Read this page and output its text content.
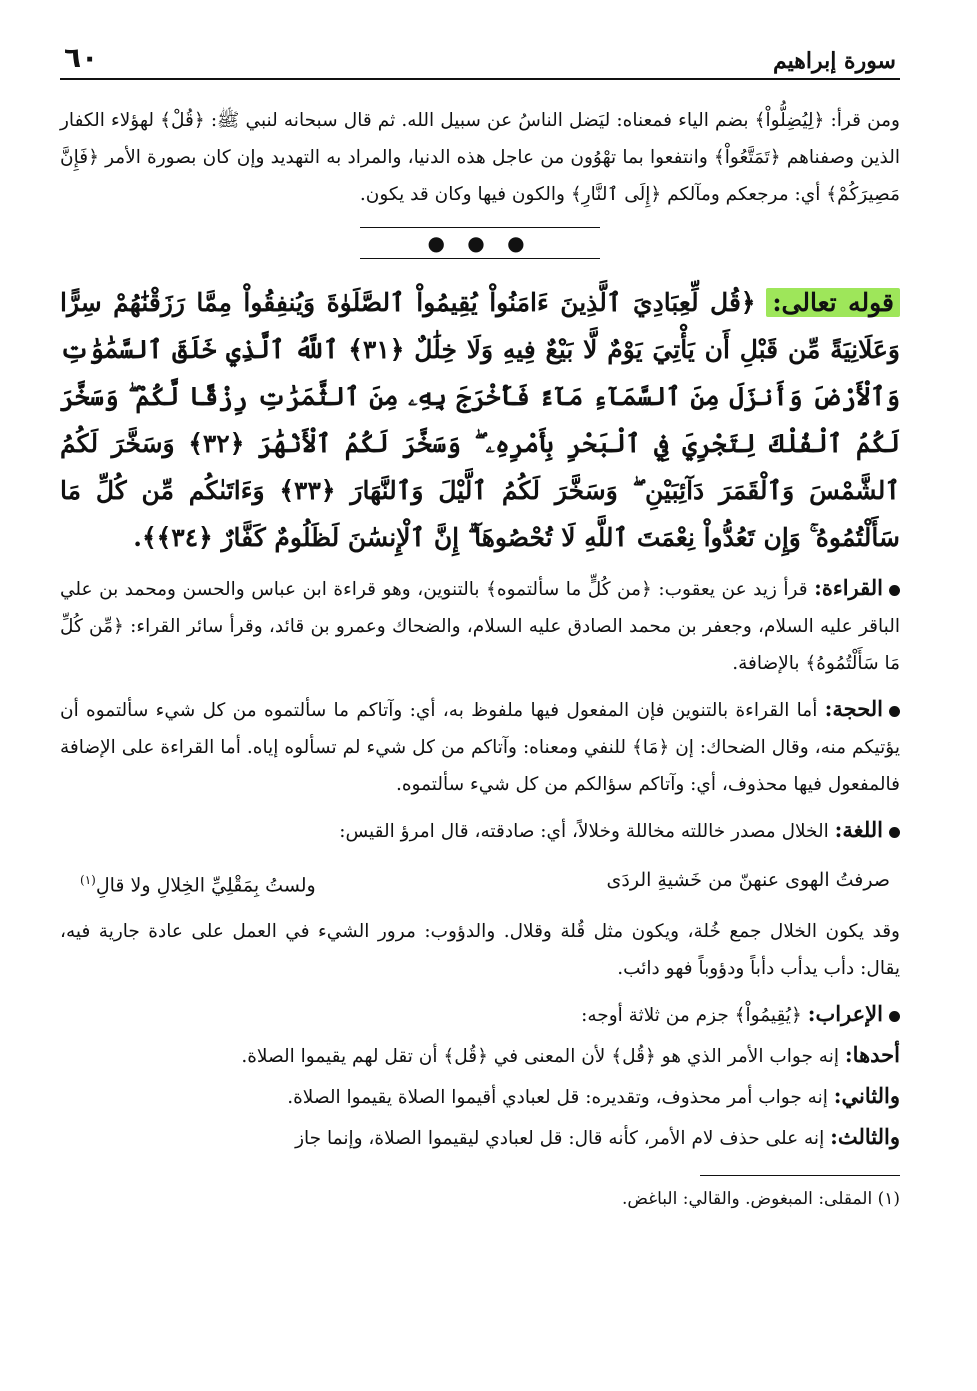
سورة إبراهيم
٦٠

ومن قرأ: ﴿لِيُضِلُّواْ﴾ بضم الياء فمعناه: ليَضل الناسُ عن سبيل الله. ثم قال سبحانه لنبي ﷺ: ﴿قُلْ﴾ لهؤلاء الكفار الذين وصفناهم ﴿تَمَتَّعُواْ﴾ وانتفعوا بما تهْوُون من عاجل هذه الدنيا، والمراد به التهديد وإن كان بصورة الأمر ﴿فَإِنَّ مَصِيرَكُمْ﴾ أي: مرجعكم ومآلكم ﴿إِلَى ٱلنَّارِ﴾ والكون فيها وكان قد يكون.

● ● ●

قوله تعالى: ﴿قُل لِّعِبَادِيَ ٱلَّذِينَ ءَامَنُواْ يُقِيمُواْ ٱلصَّلَوٰةَ وَيُنفِقُواْ مِمَّا رَزَقْنَٰهُمْ سِرًّا وَعَلَانِيَةً مِّن قَبْلِ أَن يَأْتِيَ يَوْمٌ لَّا بَيْعٌ فِيهِ وَلَا خِلَٰلٌ ﴿٣١﴾ ٱللَّهُ ٱلَّذِي خَلَقَ ٱلسَّمَٰوَٰتِ وَٱلْأَرْضَ وَأَنزَلَ مِنَ ٱلسَّمَآءِ مَآءً فَأَخْرَجَ بِهِۦ مِنَ ٱلثَّمَرَٰتِ رِزْقًا لَّكُمْ ۖ وَسَخَّرَ لَكُمُ ٱلْفُلْكَ لِتَجْرِيَ فِي ٱلْبَحْرِ بِأَمْرِهِۦ ۖ وَسَخَّرَ لَكُمُ ٱلْأَنْهَٰرَ ﴿٣٢﴾ وَسَخَّرَ لَكُمُ ٱلشَّمْسَ وَٱلْقَمَرَ دَآئِبَيْنِ ۖ وَسَخَّرَ لَكُمُ ٱلَّيْلَ وَٱلنَّهَارَ ﴿٣٣﴾ وَءَاتَىٰكُم مِّن كُلِّ مَا سَأَلْتُمُوهُ ۚ وَإِن تَعُدُّواْ نِعْمَتَ ٱللَّهِ لَا تُحْصُوهَآ ۗ إِنَّ ٱلْإِنسَٰنَ لَظَلُومٌ كَفَّارٌ ﴿٣٤﴾﴾.

القراءة: قرأ زيد عن يعقوب: ﴿من كُلٍّ ما سألتموه﴾ بالتنوين، وهو قراءة ابن عباس والحسن ومحمد بن علي الباقر عليه السلام، وجعفر بن محمد الصادق عليه السلام، والضحاك وعمرو بن قائد، وقرأ سائر القراء: ﴿مِّن كُلِّ مَا سَأَلْتُمُوهُ﴾ بالإضافة.

الحجة: أما القراءة بالتنوين فإن المفعول فيها ملفوظ به، أي: وآتاكم ما سألتموه من كل شيء سألتموه أن يؤتيكم منه، وقال الضحاك: إن ﴿مَا﴾ للنفي ومعناه: وآتاكم من كل شيء لم تسألوه إياه. أما القراءة على الإضافة فالمفعول فيها محذوف، أي: وآتاكم سؤالكم من كل شيء سألتموه.

اللغة: الخلال مصدر خاللته مخاللة وخلالاً، أي: صادقته، قال امرؤ القيس:

صرفتُ الهوى عنهنّ من خَشيةِ الردَى
ولستُ بِمَقْلِيِّ الخِلالِ ولا قالِ$^{(١)}$

وقد يكون الخلال جمع خُلة، ويكون مثل قُلة وقلال. والدؤوب: مرور الشيء في العمل على عادة جارية فيه، يقال: دأب يدأب دأباً ودؤوباً فهو دائب.

الإعراب: ﴿يُقِيمُواْ﴾ جزم من ثلاثة أوجه:

أحدها: إنه جواب الأمر الذي هو ﴿قُل﴾ لأن المعنى في ﴿قُل﴾ أن تقل لهم يقيموا الصلاة.

والثاني: إنه جواب أمر محذوف، وتقديره: قل لعبادي أقيموا الصلاة يقيموا الصلاة.

والثالث: إنه على حذف لام الأمر، كأنه قال: قل لعبادي ليقيموا الصلاة، وإنما جاز

(١) المقلى: المبغوض. والقالي: الباغض.
